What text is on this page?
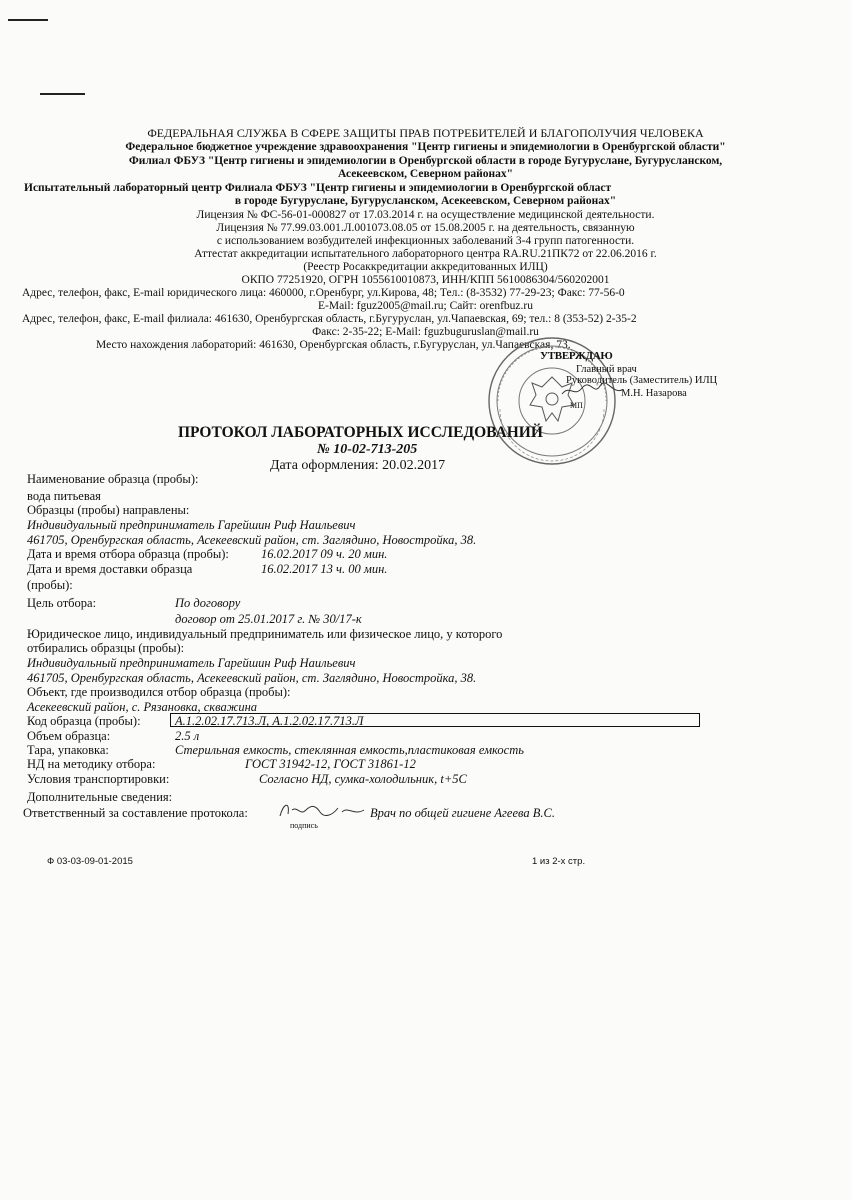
ФЕДЕРАЛЬНАЯ СЛУЖБА В СФЕРЕ ЗАЩИТЫ ПРАВ ПОТРЕБИТЕЛЕЙ И БЛАГОПОЛУЧИЯ ЧЕЛОВЕКА
Федеральное бюджетное учреждение здравоохранения "Центр гигиены и эпидемиологии в Оренбургской области"
Филиал ФБУЗ "Центр гигиены и эпидемиологии в Оренбургской области в городе Бугуруслане, Бугурусланском,
Асекеевском, Северном районах"
Испытательный лабораторный центр Филиала ФБУЗ "Центр гигиены и эпидемиологии в Оренбургской област
в городе Бугуруслане, Бугурусланском, Асекеевском, Северном районах"
Лицензия № ФС-56-01-000827 от 17.03.2014 г. на осуществление медицинской деятельности.
Лицензия № 77.99.03.001.Л.001073.08.05 от 15.08.2005 г. на деятельность, связанную
с использованием возбудителей инфекционных заболеваний 3-4 групп патогенности.
Аттестат аккредитации испытательного лабораторного центра RA.RU.21ПК72 от 22.06.2016 г.
(Реестр Росаккредитации аккредитованных ИЛЦ)
ОКПО 77251920, ОГРН 1055610010873, ИНН/КПП 5610086304/560202001
Адрес, телефон, факс, E-mail юридического лица: 460000, г.Оренбург, ул.Кирова, 48; Тел.: (8-3532) 77-29-23; Факс: 77-56-0
E-Mail: fguz2005@mail.ru; Сайт: orenfbuz.ru
Адрес, телефон, факс, E-mail филиала: 461630, Оренбургская область, г.Бугуруслан, ул.Чапаевская, 69; тел.: 8 (353-52) 2-35-2
Факс: 2-35-22; E-Mail: fguzbuguruslan@mail.ru
Место нахождения лабораторий: 461630, Оренбургская область, г.Бугуруслан, ул.Чапаевская, 73.
УТВЕРЖДАЮ
Главный врач
Руководитель (Заместитель) ИЛЦ
М.Н. Назарова
МП
ПРОТОКОЛ ЛАБОРАТОРНЫХ ИССЛЕДОВАНИЙ
№ 10-02-713-205
Дата оформления: 20.02.2017
Наименование образца (пробы):
вода питьевая
Образцы (пробы) направлены:
Индивидуальный предприниматель Гарейшин Риф Наильевич
461705, Оренбургская область, Асекеевский район, ст. Заглядино, Новостройка, 38.
Дата и время отбора образца (пробы):	16.02.2017 09 ч. 20 мин.
Дата и время доставки образца	16.02.2017 13 ч. 00 мин.
(пробы):
Цель отбора:	По договору
договор от 25.01.2017 г. № 30/17-к
Юридическое лицо, индивидуальный предприниматель или физическое лицо, у которого
отбирались образцы (пробы):
Индивидуальный предприниматель Гарейшин Риф Наильевич
461705, Оренбургская область, Асекеевский район, ст. Заглядино, Новостройка, 38.
Объект, где производился отбор образца (пробы):
Асекеевский район, с. Рязановка, скважина
Код образца (пробы):	А.1.2.02.17.713.Л, А.1.2.02.17.713.Л
Объем образца:	2.5 л
Тара, упаковка:	Стерильная емкость, стеклянная емкость,пластиковая емкость
НД на методику отбора:	ГОСТ 31942-12, ГОСТ 31861-12
Условия транспортировки:	Согласно НД, сумка-холодильник, t+5С
Дополнительные сведения:
Ответственный за составление протокола:	Врач по общей гигиене Агеева В.С.
подпись
Ф 03-03-09-01-2015	1 из 2-х стр.
